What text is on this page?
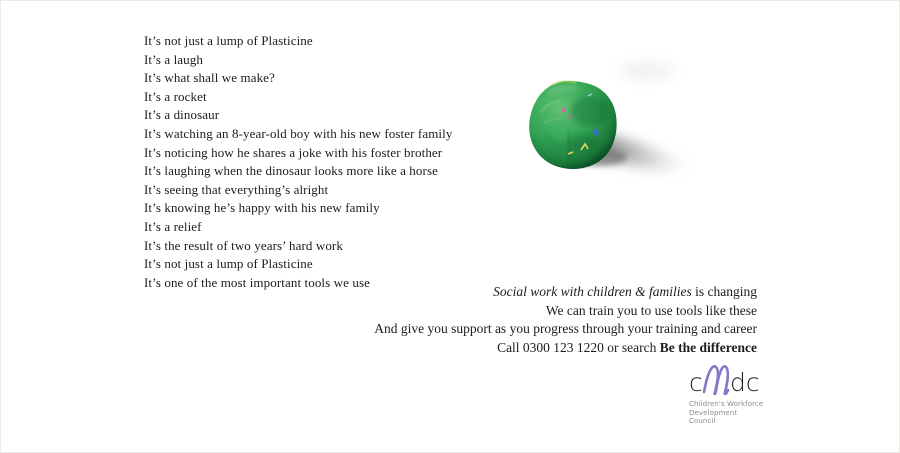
It’s not just a lump of Plasticine
It’s a laugh
It’s what shall we make?
It’s a rocket
It’s a dinosaur
It’s watching an 8-year-old boy with his new foster family
It’s noticing how he shares a joke with his foster brother
It’s laughing when the dinosaur looks more like a horse
It’s seeing that everything’s alright
It’s knowing he’s happy with his new family
It’s a relief
It’s the result of two years’ hard work
It’s not just a lump of Plasticine
It’s one of the most important tools we use
Social work with children & families is changing
We can train you to use tools like these
And give you support as you progress through your training and career
Call 0300 123 1220 or search Be the difference
c dc
Children's Workforce
Development Council
